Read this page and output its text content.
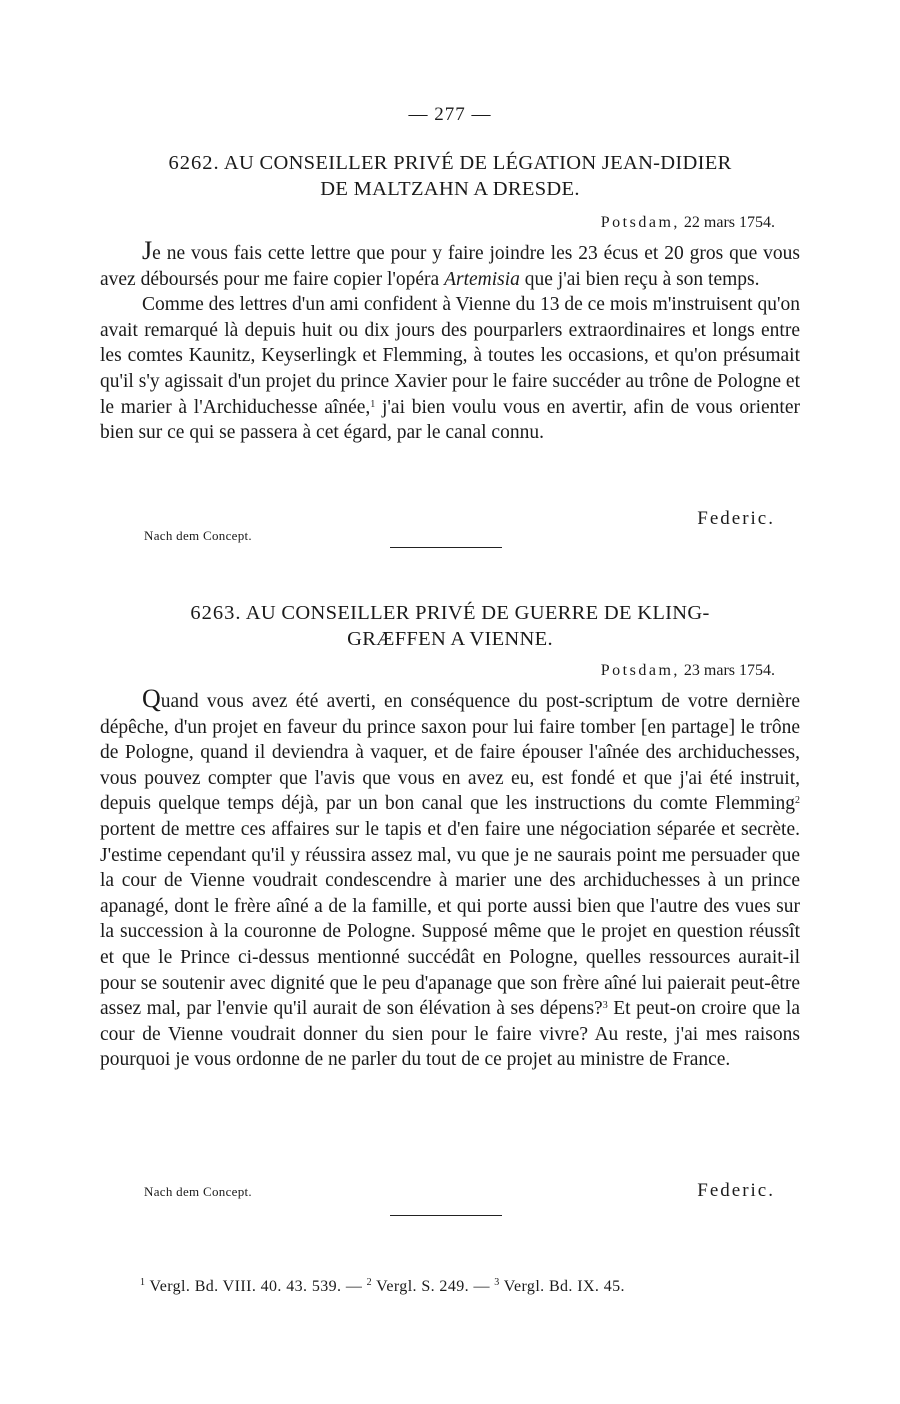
— 277 —
6262. AU CONSEILLER PRIVÉ DE LÉGATION JEAN-DIDIER
DE MALTZAHN A DRESDE.
Potsdam, 22 mars 1754.

Je ne vous fais cette lettre que pour y faire joindre les 23 écus et 20 gros que vous avez déboursés pour me faire copier l'opéra Artemisia que j'ai bien reçu à son temps.

Comme des lettres d'un ami confident à Vienne du 13 de ce mois m'instruisent qu'on avait remarqué là depuis huit ou dix jours des pourparlers extraordinaires et longs entre les comtes Kaunitz, Keyserlingk et Flemming, à toutes les occasions, et qu'on présumait qu'il s'y agissait d'un projet du prince Xavier pour le faire succéder au trône de Pologne et le marier à l'Archiduchesse aînée,$^1$ j'ai bien voulu vous en avertir, afin de vous orienter bien sur ce qui se passera à cet égard, par le canal connu.

Federic.
Nach dem Concept.
6263. AU CONSEILLER PRIVÉ DE GUERRE DE KLING-
GRÆFFEN A VIENNE.
Potsdam, 23 mars 1754.

Quand vous avez été averti, en conséquence du post-scriptum de votre dernière dépêche, d'un projet en faveur du prince saxon pour lui faire tomber [en partage] le trône de Pologne, quand il deviendra à vaquer, et de faire épouser l'aînée des archiduchesses, vous pouvez compter que l'avis que vous en avez eu, est fondé et que j'ai été instruit, depuis quelque temps déjà, par un bon canal que les instructions du comte Flemming$^2$ portent de mettre ces affaires sur le tapis et d'en faire une négociation séparée et secrète. J'estime cependant qu'il y réussira assez mal, vu que je ne saurais point me persuader que la cour de Vienne voudrait condescendre à marier une des archiduchesses à un prince apanagé, dont le frère aîné a de la famille, et qui porte aussi bien que l'autre des vues sur la succession à la couronne de Pologne. Supposé même que le projet en question réussît et que le Prince ci-dessus mentionné succédât en Pologne, quelles ressources aurait-il pour se soutenir avec dignité que le peu d'apanage que son frère aîné lui paierait peut-être assez mal, par l'envie qu'il aurait de son élévation à ses dépens?$^3$ Et peut-on croire que la cour de Vienne voudrait donner du sien pour le faire vivre? Au reste, j'ai mes raisons pourquoi je vous ordonne de ne parler du tout de ce projet au ministre de France.

Nach dem Concept.	Federic.
$^1$ Vergl. Bd. VIII. 40. 43. 539. — $^2$ Vergl. S. 249. — $^3$ Vergl. Bd. IX. 45.
